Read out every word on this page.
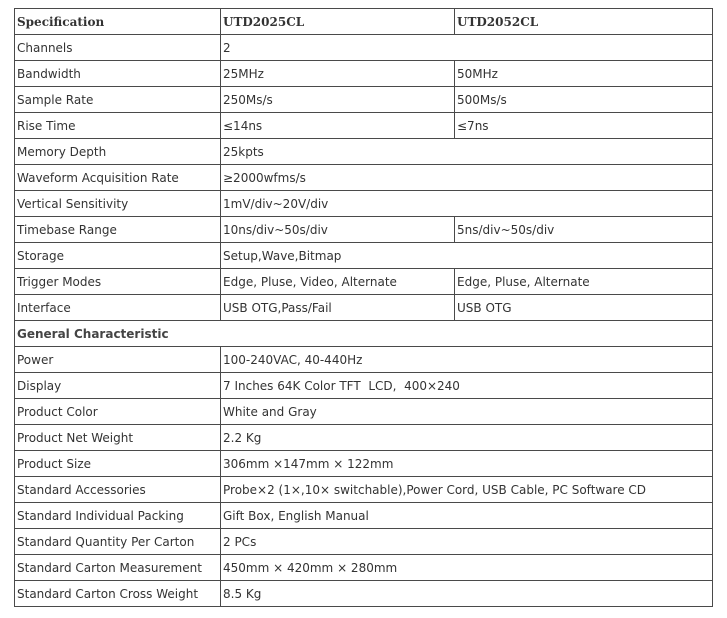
Specification	UTD2025CL	UTD2052CL
Channels	2	
Bandwidth	25MHz	50MHz
Sample Rate	250Ms/s	500Ms/s
Rise Time	≤14ns	≤7ns
Memory Depth	25kpts	
Waveform Acquisition Rate	≥2000wfms/s	
Vertical Sensitivity	1mV/div~20V/div	
Timebase Range	10ns/div~50s/div	5ns/div~50s/div
Storage	Setup,Wave,Bitmap	
Trigger Modes	Edge, Pluse, Video, Alternate	Edge, Pluse, Alternate
Interface	USB OTG,Pass/Fail	USB OTG
General Characteristic		
Power	100-240VAC, 40-440Hz	
Display	7 Inches 64K Color TFT  LCD,  400×240	
Product Color	White and Gray	
Product Net Weight	2.2 Kg	
Product Size	306mm ×147mm × 122mm	
Standard Accessories	Probe×2 (1×,10× switchable),Power Cord, USB Cable, PC Software CD	
Standard Individual Packing	Gift Box, English Manual	
Standard Quantity Per Carton	2 PCs	
Standard Carton Measurement	450mm × 420mm × 280mm	
Standard Carton Cross Weight	8.5 Kg	
